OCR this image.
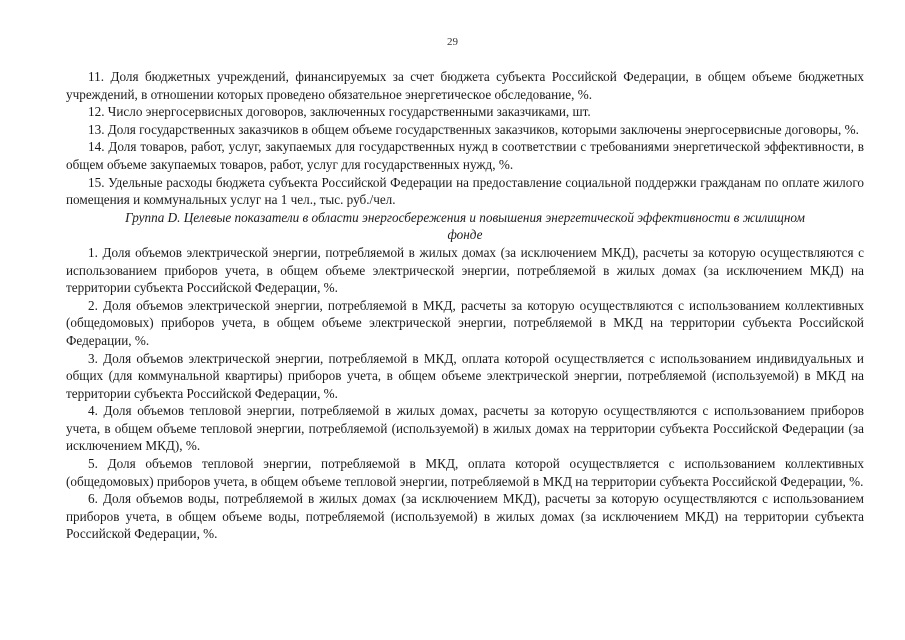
29

11. Доля бюджетных учреждений, финансируемых за счет бюджета субъекта Российской Федерации, в общем объеме бюджетных учреждений, в отношении которых проведено обязательное энергетическое обследование, %.

12. Число энергосервисных договоров, заключенных государственными заказчиками, шт.

13. Доля государственных заказчиков в общем объеме государственных заказчиков, которыми заключены энергосервисные договоры, %.

14. Доля товаров, работ, услуг, закупаемых для государственных нужд в соответствии с требованиями энергетической эффективности, в общем объеме закупаемых товаров, работ, услуг для государственных нужд, %.

15. Удельные расходы бюджета субъекта Российской Федерации на предоставление социальной поддержки гражданам по оплате жилого помещения и коммунальных услуг на 1 чел., тыс. руб./чел.

Группа D. Целевые показатели в области энергосбережения и повышения энергетической эффективности в жилищном фонде

1. Доля объемов электрической энергии, потребляемой в жилых домах (за исключением МКД), расчеты за которую осуществляются с использованием приборов учета, в общем объеме электрической энергии, потребляемой в жилых домах (за исключением МКД) на территории субъекта Российской Федерации, %.

2. Доля объемов электрической энергии, потребляемой в МКД, расчеты за которую осуществляются с использованием коллективных (общедомовых) приборов учета, в общем объеме электрической энергии, потребляемой в МКД на территории субъекта Российской Федерации, %.

3. Доля объемов электрической энергии, потребляемой в МКД, оплата которой осуществляется с использованием индивидуальных и общих (для коммунальной квартиры) приборов учета, в общем объеме электрической энергии, потребляемой (используемой) в МКД на территории субъекта Российской Федерации, %.

4. Доля объемов тепловой энергии, потребляемой в жилых домах, расчеты за которую осуществляются с использованием приборов учета, в общем объеме тепловой энергии, потребляемой (используемой) в жилых домах на территории субъекта Российской Федерации (за исключением МКД), %.

5. Доля объемов тепловой энергии, потребляемой в МКД, оплата которой осуществляется с использованием коллективных (общедомовых) приборов учета, в общем объеме тепловой энергии, потребляемой в МКД на территории субъекта Российской Федерации, %.

6. Доля объемов воды, потребляемой в жилых домах (за исключением МКД), расчеты за которую осуществляются с использованием приборов учета, в общем объеме воды, потребляемой (используемой) в жилых домах (за исключением МКД) на территории субъекта Российской Федерации, %.
